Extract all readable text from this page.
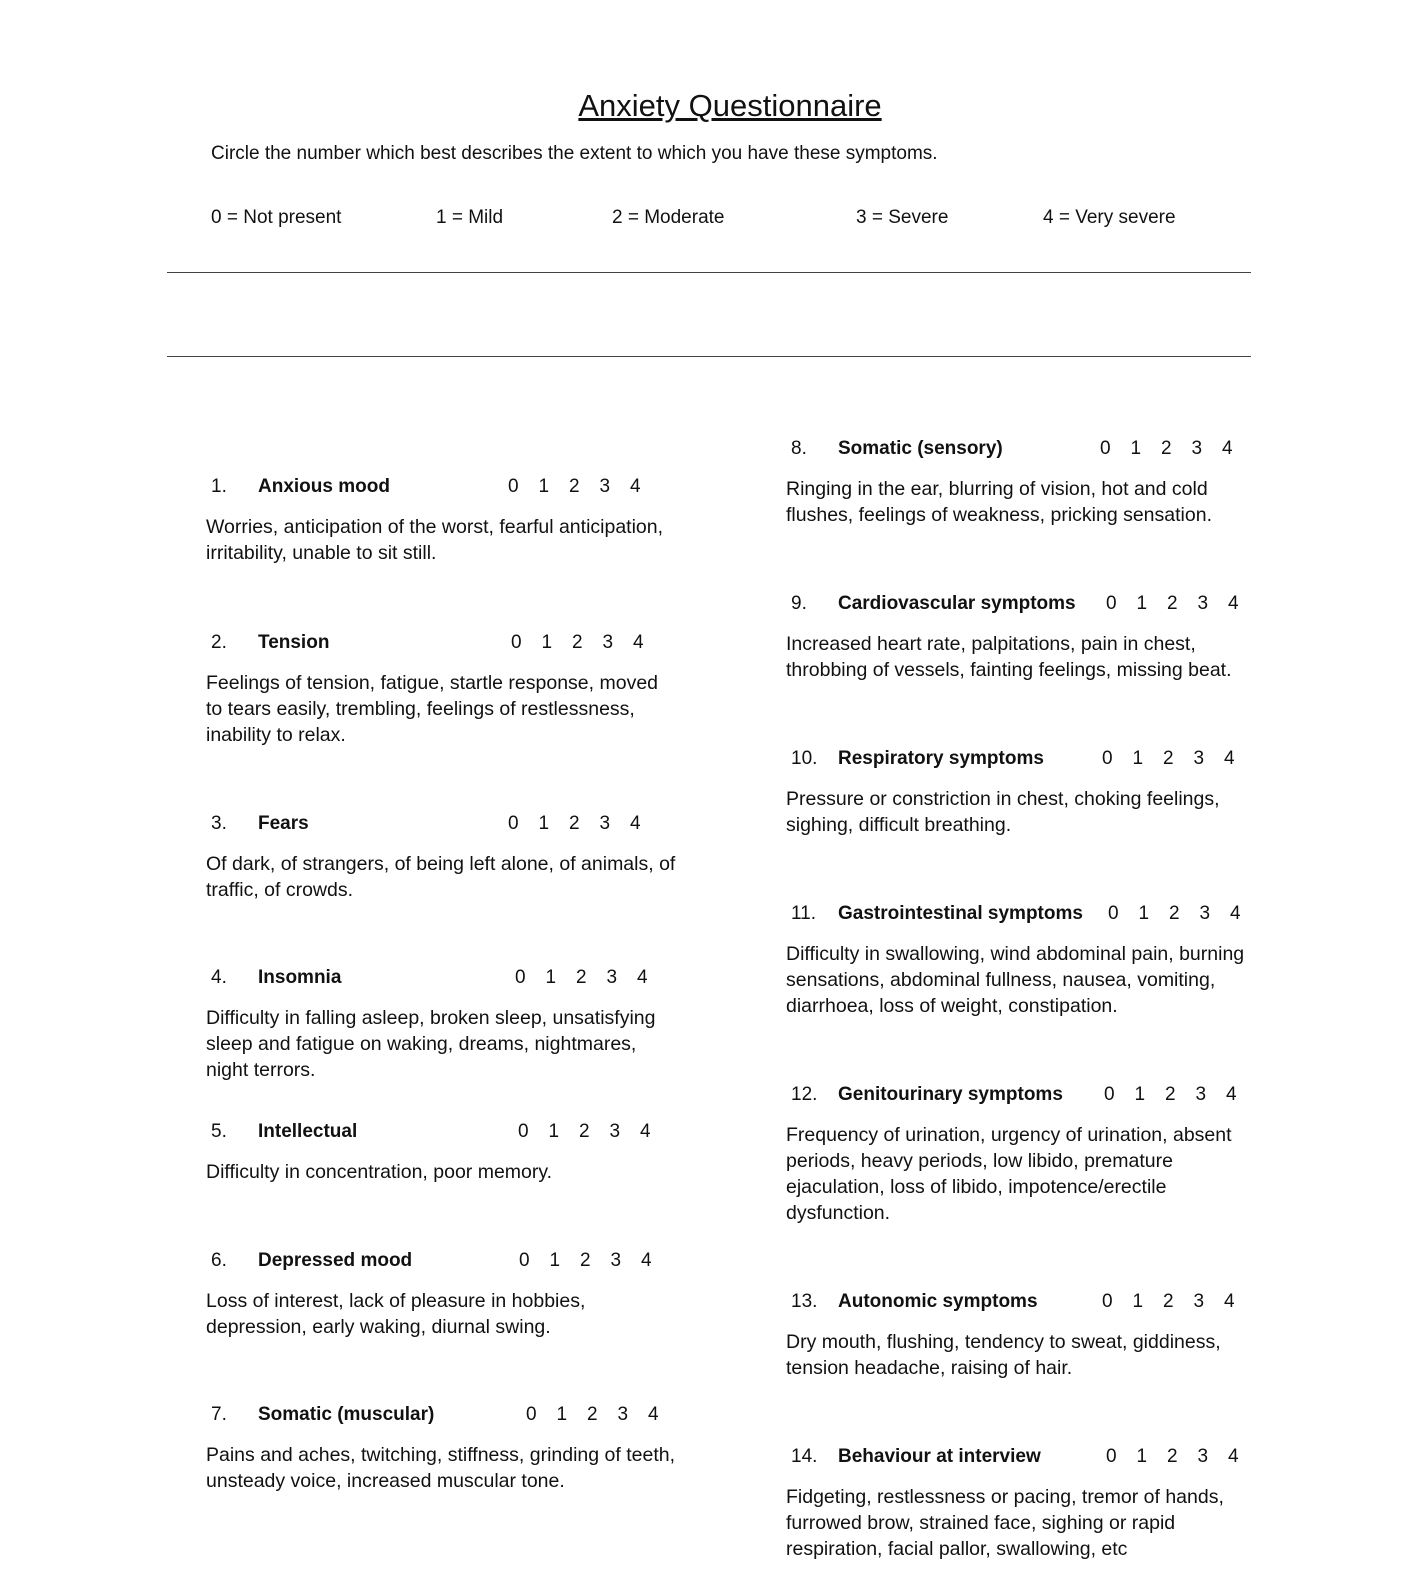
Anxiety Questionnaire
Circle the number which best describes the extent to which you have these symptoms.
0 = Not present	1 = Mild	2 = Moderate	3 = Severe	4 = Very severe
1. Anxious mood	0 1 2 3 4
Worries, anticipation of the worst, fearful anticipation, irritability, unable to sit still.
2. Tension	0 1 2 3 4
Feelings of tension, fatigue, startle response, moved to tears easily, trembling, feelings of restlessness, inability to relax.
3. Fears	0 1 2 3 4
Of dark, of strangers, of being left alone, of animals, of traffic, of crowds.
4. Insomnia	0 1 2 3 4
Difficulty in falling asleep, broken sleep, unsatisfying sleep and fatigue on waking, dreams, nightmares, night terrors.
5. Intellectual	0 1 2 3 4
Difficulty in concentration, poor memory.
6. Depressed mood	0 1 2 3 4
Loss of interest, lack of pleasure in hobbies, depression, early waking, diurnal swing.
7. Somatic (muscular)	0 1 2 3 4
Pains and aches, twitching, stiffness, grinding of teeth, unsteady voice, increased muscular tone.
8. Somatic (sensory)	0 1 2 3 4
Ringing in the ear, blurring of vision, hot and cold flushes, feelings of weakness, pricking sensation.
9. Cardiovascular symptoms 0 1 2 3 4
Increased heart rate, palpitations, pain in chest, throbbing of vessels, fainting feelings, missing beat.
10. Respiratory symptoms	0 1 2 3 4
Pressure or constriction in chest, choking feelings, sighing, difficult breathing.
11. Gastrointestinal symptoms 0 1 2 3 4
Difficulty in swallowing, wind abdominal pain, burning sensations, abdominal fullness, nausea, vomiting, diarrhoea, loss of weight, constipation.
12. Genitourinary symptoms 0 1 2 3 4
Frequency of urination, urgency of urination, absent periods, heavy periods, low libido, premature ejaculation, loss of libido, impotence/erectile dysfunction.
13. Autonomic symptoms	0 1 2 3 4
Dry mouth, flushing, tendency to sweat, giddiness, tension headache, raising of hair.
14. Behaviour at interview	0 1 2 3 4
Fidgeting, restlessness or pacing, tremor of hands, furrowed brow, strained face, sighing or rapid respiration, facial pallor, swallowing, etc
